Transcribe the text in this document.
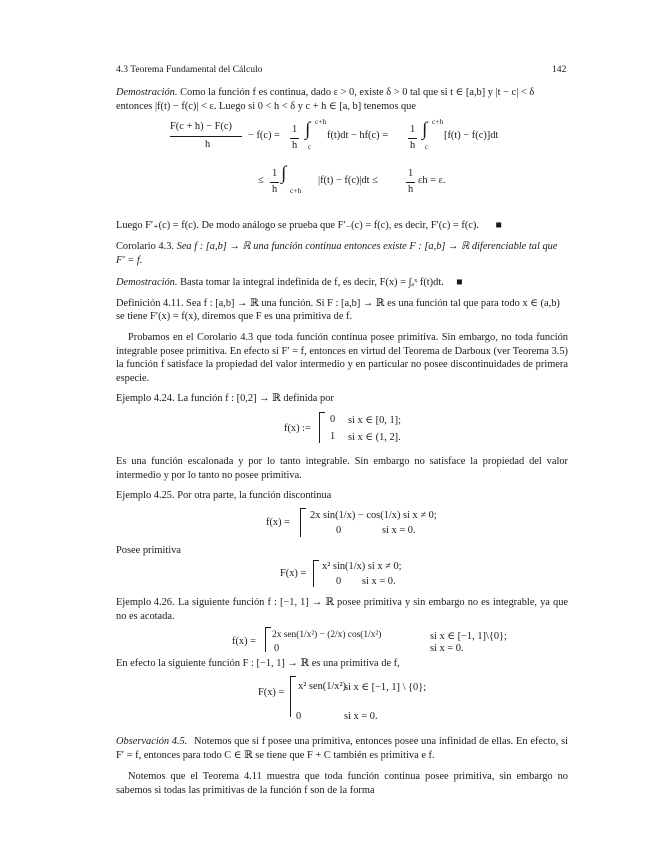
4.3 Teorema Fundamental del Cálculo	142
Demostración. Como la función f es continua, dado ε > 0, existe δ > 0 tal que si t ∈ [a,b] y |t − c| < δ
entonces |f(t) − f(c)| < ε. Luego si 0 < h < δ y c + h ∈ [a, b] tenemos que
F(c + h) − F(c)
h
− f(c) =
1
h
∫ c+h
c
f(t)dt − hf(c) =
1
h
∫ c+h
c
[f(t) − f(c)]dt
≤
1
h
∫
c+h
|f(t) − f(c)|dt ≤
1
h
εh = ε.
Luego F′₊(c) = f(c). De modo análogo se prueba que F′₋(c) = f(c), es decir, F′(c) = f(c). ■
Corolario 4.3. Sea f : [a,b] → ℝ una función continua entonces existe F : [a,b] → ℝ diferenciable tal que
F′ = f.
Demostración. Basta tomar la integral indefinida de f, es decir, F(x) = ∫ₐˣ f(t)dt. ■
Definición 4.11. Sea f : [a,b] → ℝ una función. Si F : [a,b] → ℝ es una función tal que para todo x ∈ (a,b)
se tiene F′(x) = f(x), diremos que F es una primitiva de f.
Probamos en el Corolario 4.3 que toda función continua posee primitiva. Sin embargo, no toda función integrable posee primitiva. En efecto si F′ = f, entonces en virtud del Teorema de Darboux (ver Teorema 3.5) la función f satisface la propiedad del valor intermedio y en particular no posee discontinuidades de primera especie.
Ejemplo 4.24. La función f : [0,2] → ℝ definida por
f(x) :=
0 si x ∈ [0, 1];
1 si x ∈ (1, 2].
Es una función escalonada y por lo tanto integrable. Sin embargo no satisface la propiedad del valor intermedio y por lo tanto no posee primitiva.
Ejemplo 4.25. Por otra parte, la función discontinua
f(x) =
2x sin(1/x) − cos(1/x) si x ≠ 0;
0	si x = 0.
Posee primitiva
F(x) =
x² sin(1/x) si x ≠ 0;
0 si x = 0.
Ejemplo 4.26. La siguiente función f : [−1, 1] → ℝ posee primitiva y sin embargo no es integrable, ya que no es acotada.
f(x) =
2x sen(1/x²) − (2/x) cos(1/x²)	si x ∈ [−1, 1]\{0};
0	si x = 0.
En efecto la siguiente función F : [−1, 1] → ℝ es una primitiva de f,
F(x) =
x² sen(1/x²)
si x ∈ [−1, 1] \ {0};
0	si x = 0.
Observación 4.5. Notemos que si f posee una primitiva, entonces posee una infinidad de ellas. En efecto, si F′ = f, entonces para todo C ∈ ℝ se tiene que F + C también es primitiva e f.
Notemos que el Teorema 4.11 muestra que toda función continua posee primitiva, sin embargo no sabemos si todas las primitivas de la función f son de la forma
